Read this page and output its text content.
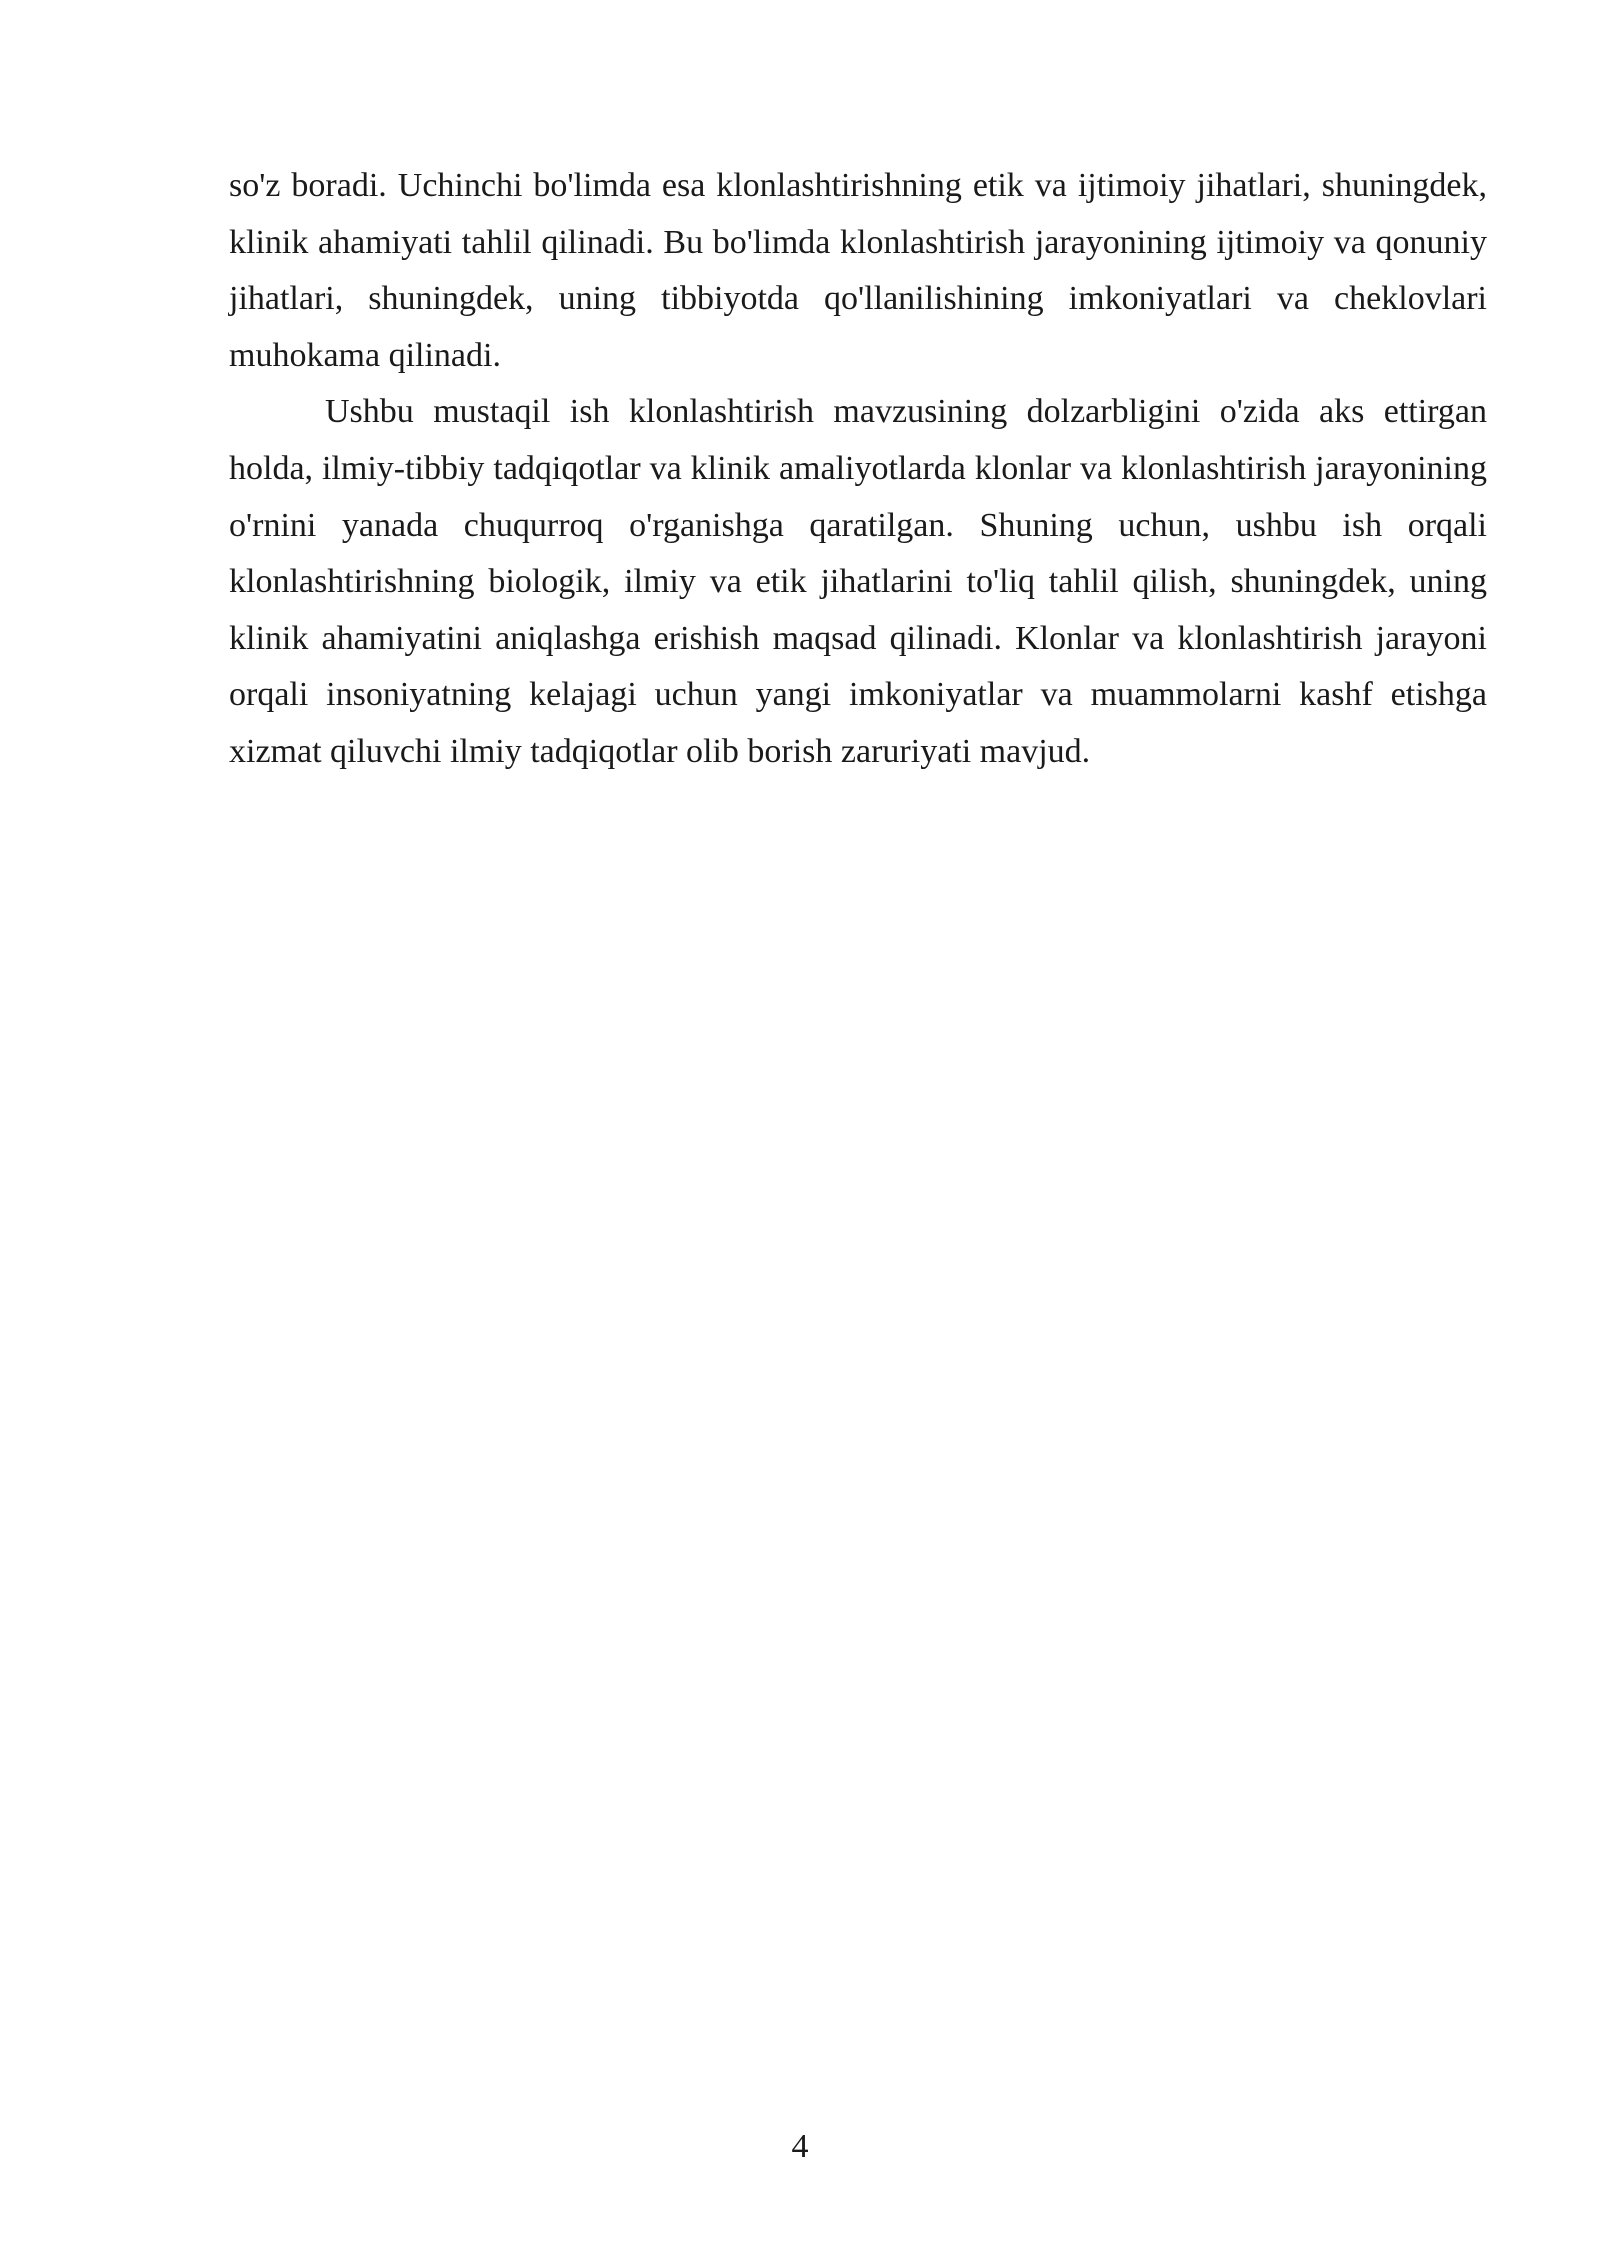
so'z boradi. Uchinchi bo'limda esa klonlashtirishning etik va ijtimoiy jihatlari, shuningdek, klinik ahamiyati tahlil qilinadi. Bu bo'limda klonlashtirish jarayonining ijtimoiy va qonuniy jihatlari, shuningdek, uning tibbiyotda qo'llanilishining imkoniyatlari va cheklovlari muhokama qilinadi.

Ushbu mustaqil ish klonlashtirish mavzusining dolzarbligini o'zida aks ettirgan holda, ilmiy-tibbiy tadqiqotlar va klinik amaliyotlarda klonlar va klonlashtirish jarayonining o'rnini yanada chuqurroq o'rganishga qaratilgan. Shuning uchun, ushbu ish orqali klonlashtirishning biologik, ilmiy va etik jihatlarini to'liq tahlil qilish, shuningdek, uning klinik ahamiyatini aniqlashga erishish maqsad qilinadi. Klonlar va klonlashtirish jarayoni orqali insoniyatning kelajagi uchun yangi imkoniyatlar va muammolarni kashf etishga xizmat qiluvchi ilmiy tadqiqotlar olib borish zaruriyati mavjud.

4
